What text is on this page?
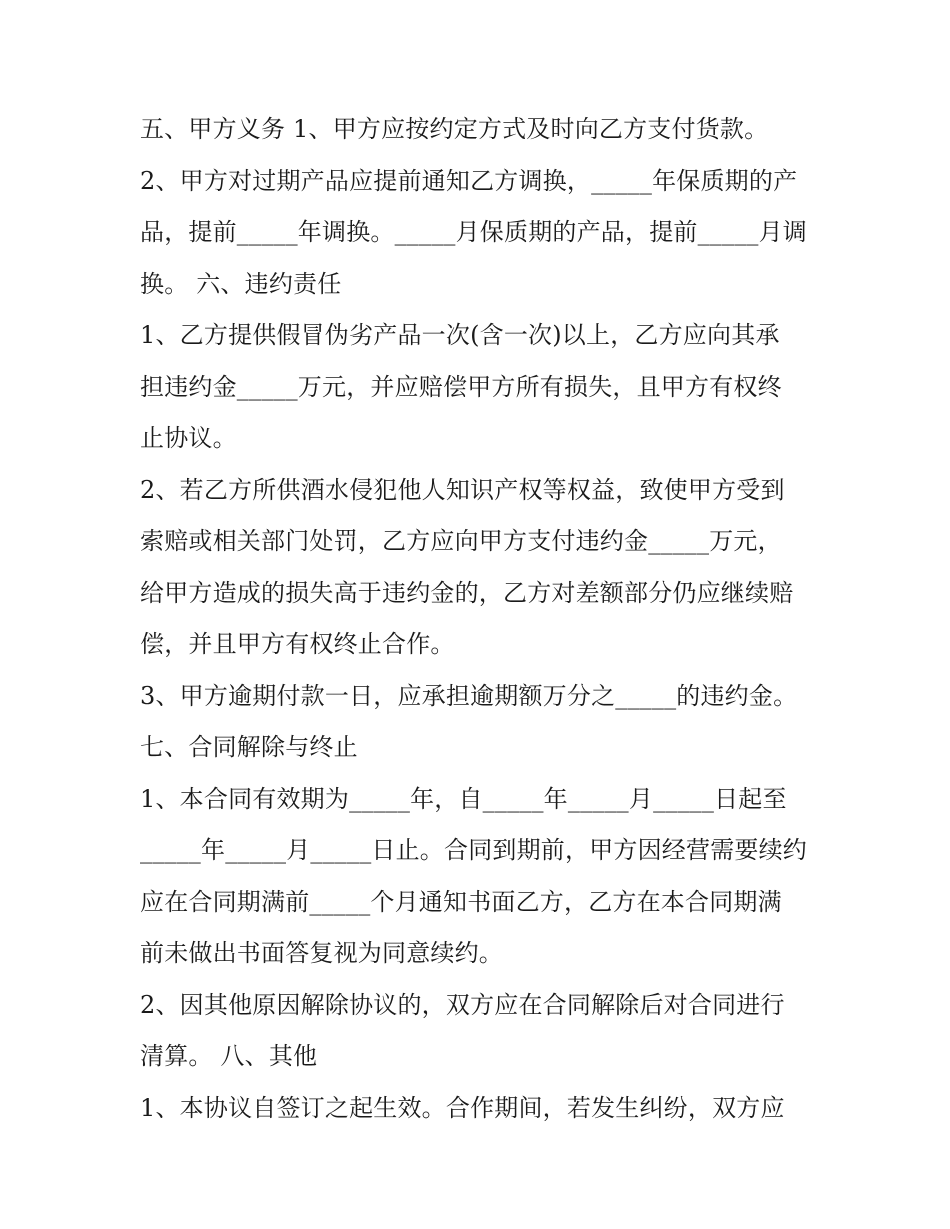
五、甲方义务 1、甲方应按约定方式及时向乙方支付货款。
2、甲方对过期产品应提前通知乙方调换，_____年保质期的产
品，提前_____年调换。_____月保质期的产品，提前_____月调
换。 六、违约责任
1、乙方提供假冒伪劣产品一次(含一次)以上，乙方应向其承
担违约金_____万元，并应赔偿甲方所有损失，且甲方有权终
止协议。
2、若乙方所供酒水侵犯他人知识产权等权益，致使甲方受到
索赔或相关部门处罚，乙方应向甲方支付违约金_____万元，
给甲方造成的损失高于违约金的，乙方对差额部分仍应继续赔
偿，并且甲方有权终止合作。
3、甲方逾期付款一日，应承担逾期额万分之_____的违约金。
七、合同解除与终止
1、本合同有效期为_____年，自_____年_____月_____日起至
_____年_____月_____日止。合同到期前，甲方因经营需要续约
应在合同期满前_____个月通知书面乙方，乙方在本合同期满
前未做出书面答复视为同意续约。
2、因其他原因解除协议的，双方应在合同解除后对合同进行
清算。 八、其他
1、本协议自签订之起生效。合作期间，若发生纠纷，双方应
